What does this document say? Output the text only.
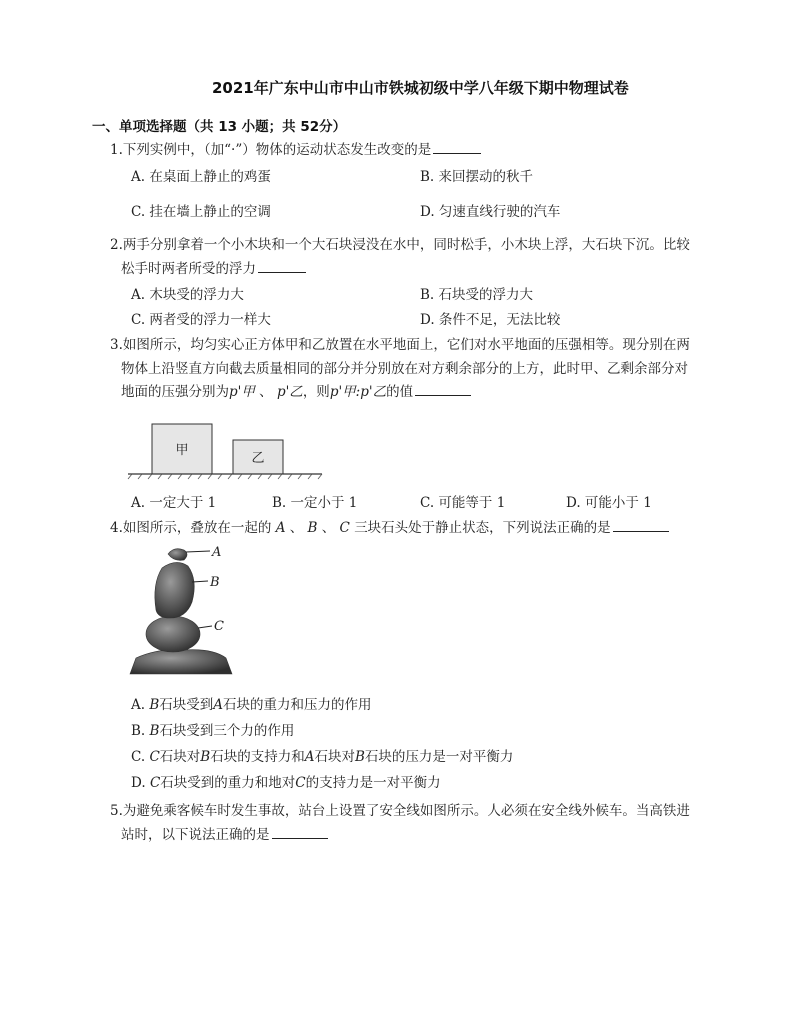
2021年广东中山市中山市铁城初级中学八年级下期中物理试卷
一、单项选择题（共 13 小题；共 52分）
1.下列实例中，（加“·”）物体的运动状态发生改变的是
A. 在桌面上静止的鸡蛋	B. 来回摆动的秋千
C. 挂在墙上静止的空调	D. 匀速直线行驶的汽车
2.两手分别拿着一个小木块和一个大石块浸没在水中，同时松手，小木块上浮，大石块下沉。比较
松手时两者所受的浮力
A. 木块受的浮力大	B. 石块受的浮力大
C. 两者受的浮力一样大	D. 条件不足，无法比较
3.如图所示，均匀实心正方体甲和乙放置在水平地面上，它们对水平地面的压强相等。现分别在两
物体上沿竖直方向截去质量相同的部分并分别放在对方剩余部分的上方，此时甲、乙剩余部分对
地面的压强分别为p'甲 、 p'乙，则p'甲:p'乙的值
甲
乙
A. 一定大于 1	B. 一定小于 1	C. 可能等于 1	D. 可能小于 1
4.如图所示，叠放在一起的 A 、 B 、 C 三块石头处于静止状态，下列说法正确的是
A
B
C
A. B石块受到A石块的重力和压力的作用
B. B石块受到三个力的作用
C. C石块对B石块的支持力和A石块对B石块的压力是一对平衡力
D. C石块受到的重力和地对C的支持力是一对平衡力
5.为避免乘客候车时发生事故，站台上设置了安全线如图所示。人必须在安全线外候车。当高铁进
站时，以下说法正确的是
